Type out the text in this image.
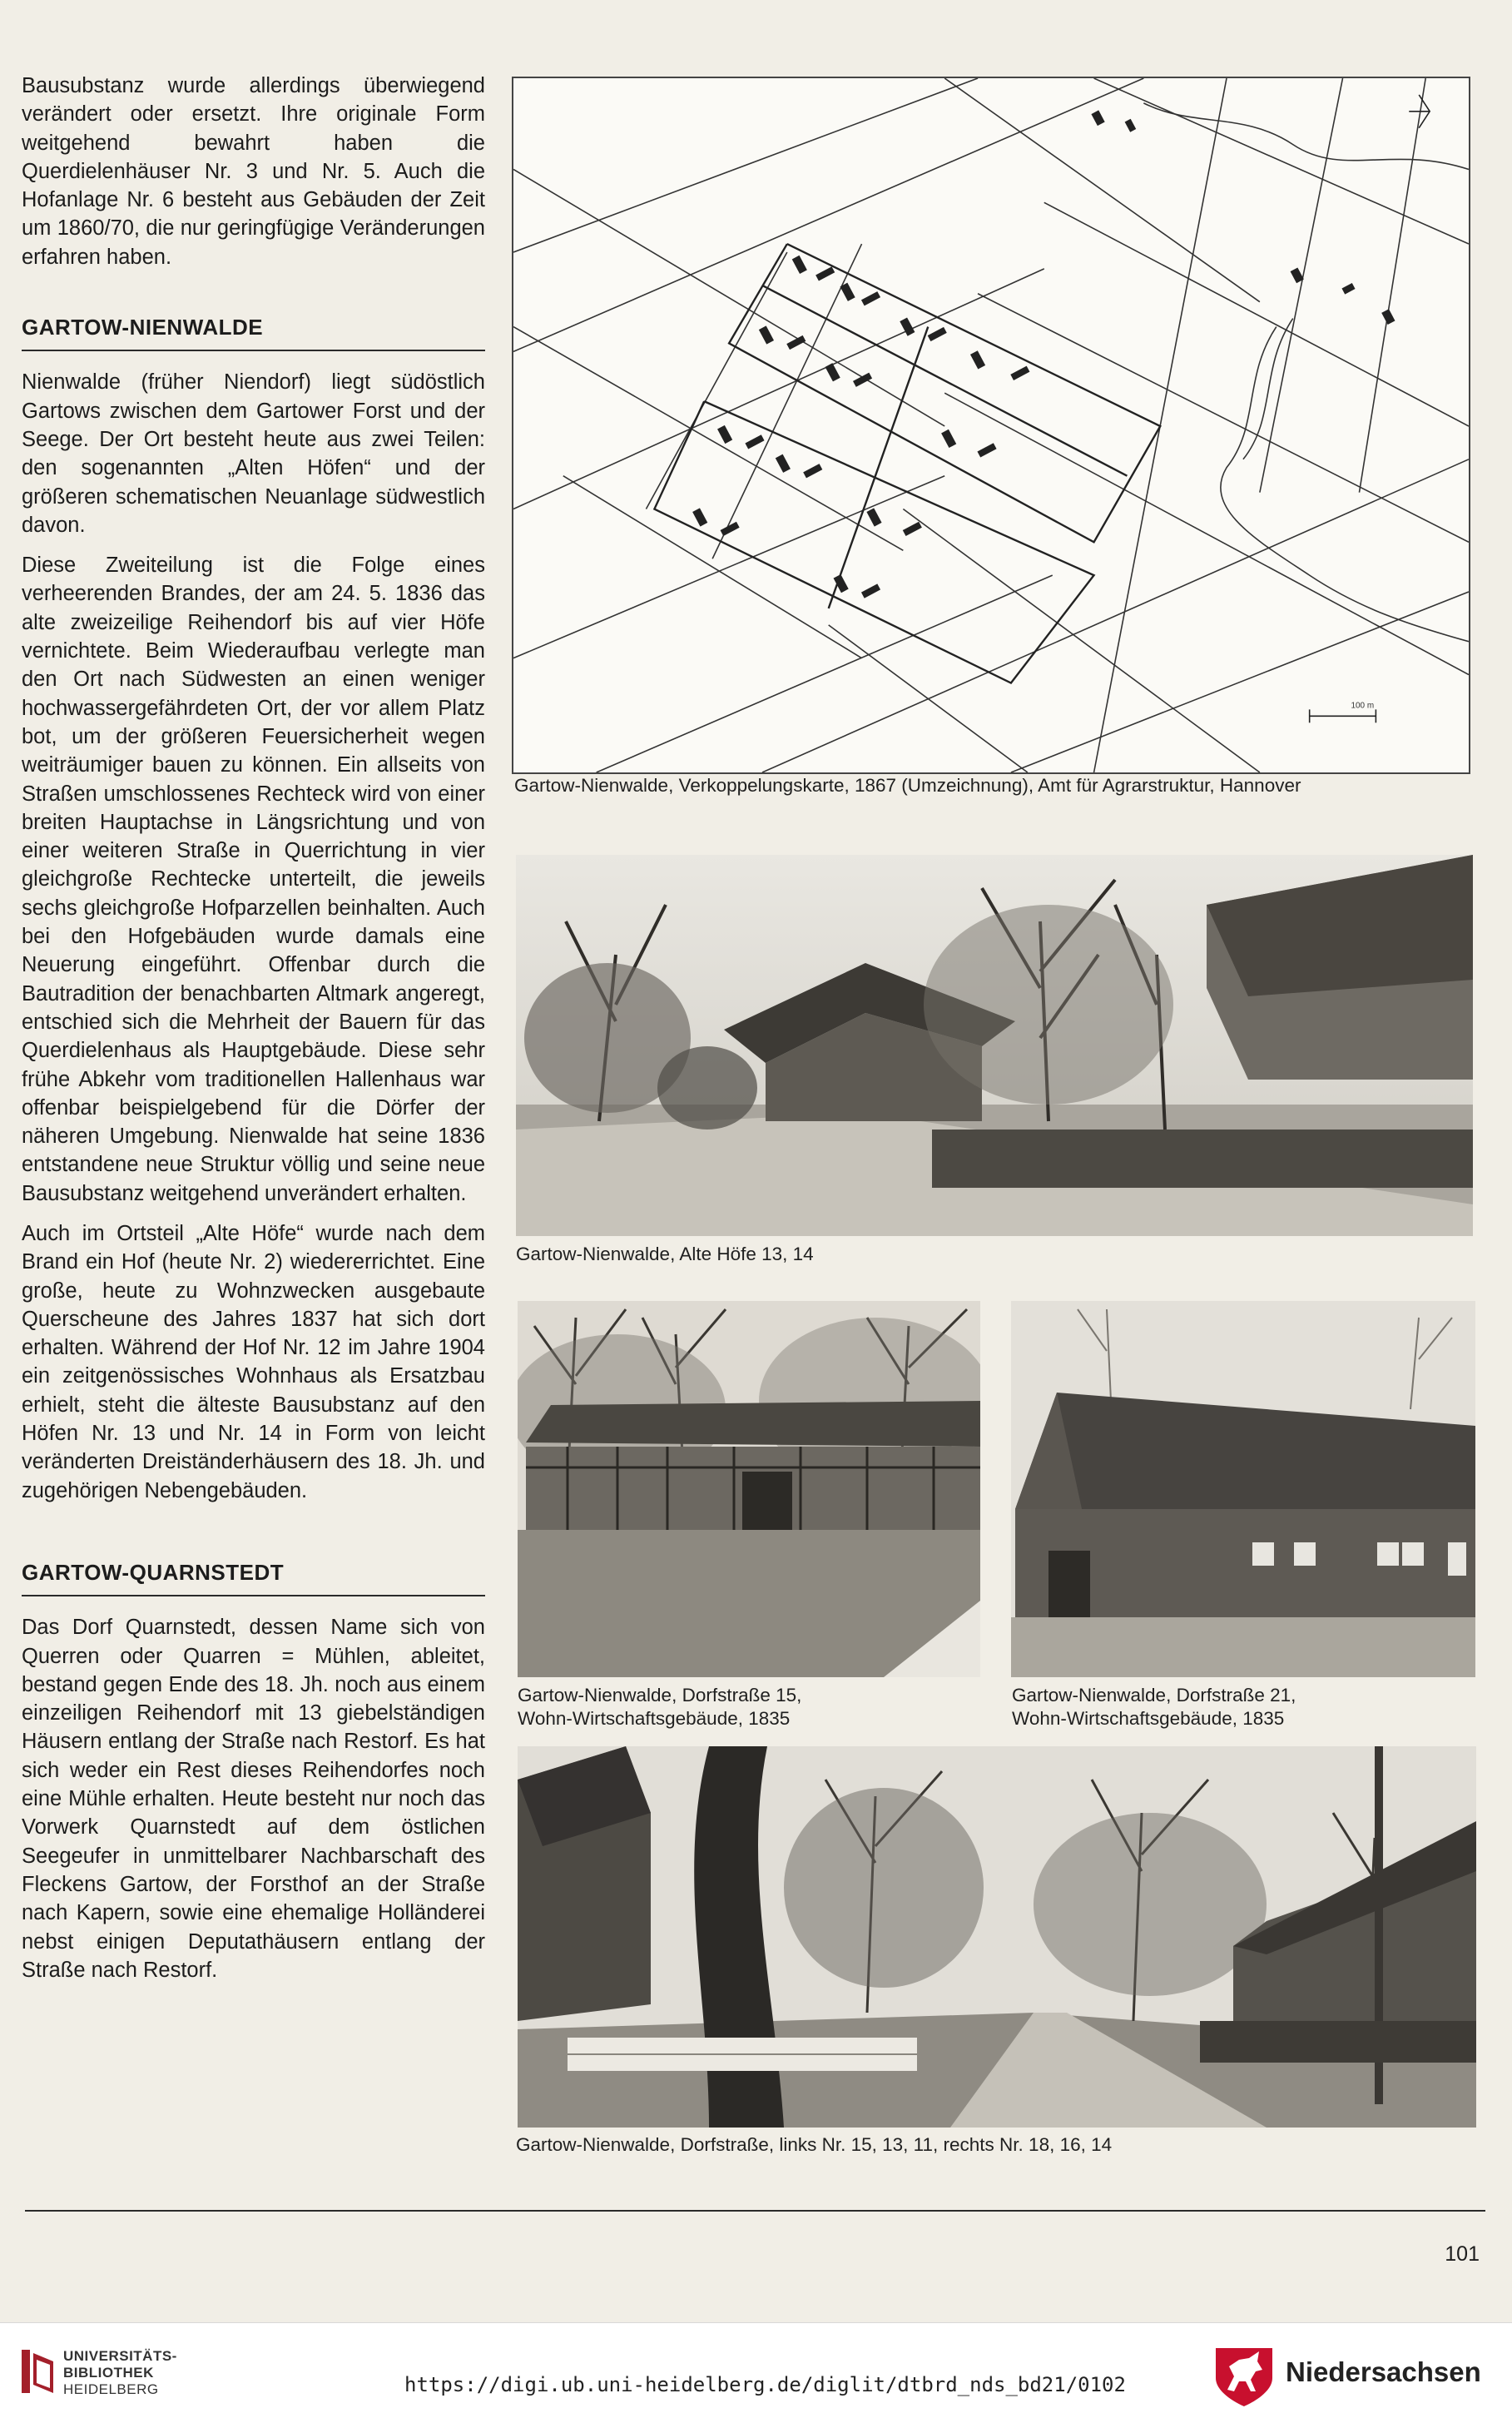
Bausubstanz wurde allerdings überwiegend verändert oder ersetzt. Ihre originale Form weitgehend bewahrt haben die Querdielenhäuser Nr. 3 und Nr. 5. Auch die Hofanlage Nr. 6 besteht aus Gebäuden der Zeit um 1860/70, die nur geringfügige Veränderungen erfahren haben.

GARTOW-NIENWALDE

Nienwalde (früher Niendorf) liegt südöstlich Gartows zwischen dem Gartower Forst und der Seege. Der Ort besteht heute aus zwei Teilen: den sogenannten „Alten Höfen“ und der größeren schematischen Neuanlage südwestlich davon.

Diese Zweiteilung ist die Folge eines verheerenden Brandes, der am 24. 5. 1836 das alte zweizeilige Reihendorf bis auf vier Höfe vernichtete. Beim Wiederaufbau verlegte man den Ort nach Südwesten an einen weniger hochwassergefährdeten Ort, der vor allem Platz bot, um der größeren Feuersicherheit wegen weiträumiger bauen zu können. Ein allseits von Straßen umschlossenes Rechteck wird von einer breiten Hauptachse in Längsrichtung und von einer weiteren Straße in Querrichtung in vier gleichgroße Rechtecke unterteilt, die jeweils sechs gleichgroße Hofparzellen beinhalten. Auch bei den Hofgebäuden wurde damals eine Neuerung eingeführt. Offenbar durch die Bautradition der benachbarten Altmark angeregt, entschied sich die Mehrheit der Bauern für das Querdielenhaus als Hauptgebäude. Diese sehr frühe Abkehr vom traditionellen Hallenhaus war offenbar beispielgebend für die Dörfer der näheren Umgebung. Nienwalde hat seine 1836 entstandene neue Struktur völlig und seine neue Bausubstanz weitgehend unverändert erhalten.

Auch im Ortsteil „Alte Höfe“ wurde nach dem Brand ein Hof (heute Nr. 2) wiedererrichtet. Eine große, heute zu Wohnzwecken ausgebaute Querscheune des Jahres 1837 hat sich dort erhalten. Während der Hof Nr. 12 im Jahre 1904 ein zeitgenössisches Wohnhaus als Ersatzbau erhielt, steht die älteste Bausubstanz auf den Höfen Nr. 13 und Nr. 14 in Form von leicht veränderten Dreiständerhäusern des 18. Jh. und zugehörigen Nebengebäuden.

GARTOW-QUARNSTEDT

Das Dorf Quarnstedt, dessen Name sich von Querren oder Quarren = Mühlen, ableitet, bestand gegen Ende des 18. Jh. noch aus einem einzeiligen Reihendorf mit 13 giebelständigen Häusern entlang der Straße nach Restorf. Es hat sich weder ein Rest dieses Reihendorfes noch eine Mühle erhalten. Heute besteht nur noch das Vorwerk Quarnstedt auf dem östlichen Seegeufer in unmittelbarer Nachbarschaft des Fleckens Gartow, der Forsthof an der Straße nach Kapern, sowie eine ehemalige Holländerei nebst einigen Deputathäusern entlang der Straße nach Restorf.

100 m
Gartow-Nienwalde, Verkoppelungskarte, 1867 (Umzeichnung), Amt für Agrarstruktur, Hannover
Gartow-Nienwalde, Alte Höfe 13, 14
Gartow-Nienwalde, Dorfstraße 15,
Wohn-Wirtschaftsgebäude, 1835
Gartow-Nienwalde, Dorfstraße 21,
Wohn-Wirtschaftsgebäude, 1835
Gartow-Nienwalde, Dorfstraße, links Nr. 15, 13, 11, rechts Nr. 18, 16, 14
101
UNIVERSITÄTS-
BIBLIOTHEK
HEIDELBERG	https://digi.ub.uni-heidelberg.de/diglit/dtbrd_nds_bd21/0102	Niedersachsen
